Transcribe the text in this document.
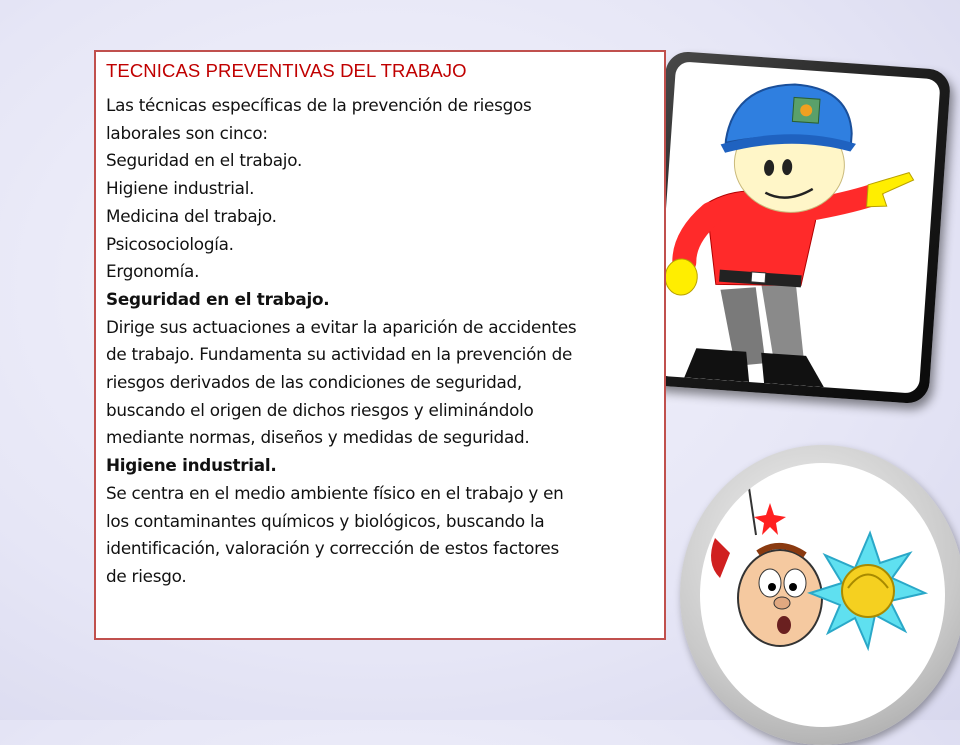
TECNICAS PREVENTIVAS DEL TRABAJO
Las técnicas específicas de la prevención de riesgos
laborales son cinco:
Seguridad en el trabajo.
Higiene industrial.
Medicina del trabajo.
Psicosociología.
Ergonomía.
Seguridad en el trabajo.
Dirige sus actuaciones a evitar la aparición de accidentes
de trabajo. Fundamenta su actividad en la prevención de
riesgos derivados de las condiciones de seguridad,
buscando el origen de dichos riesgos y eliminándolo
mediante normas, diseños y medidas de seguridad.
Higiene industrial.
Se centra en el medio ambiente físico en el trabajo y en
los contaminantes químicos y biológicos, buscando la
identificación, valoración y corrección de estos factores
de riesgo.
